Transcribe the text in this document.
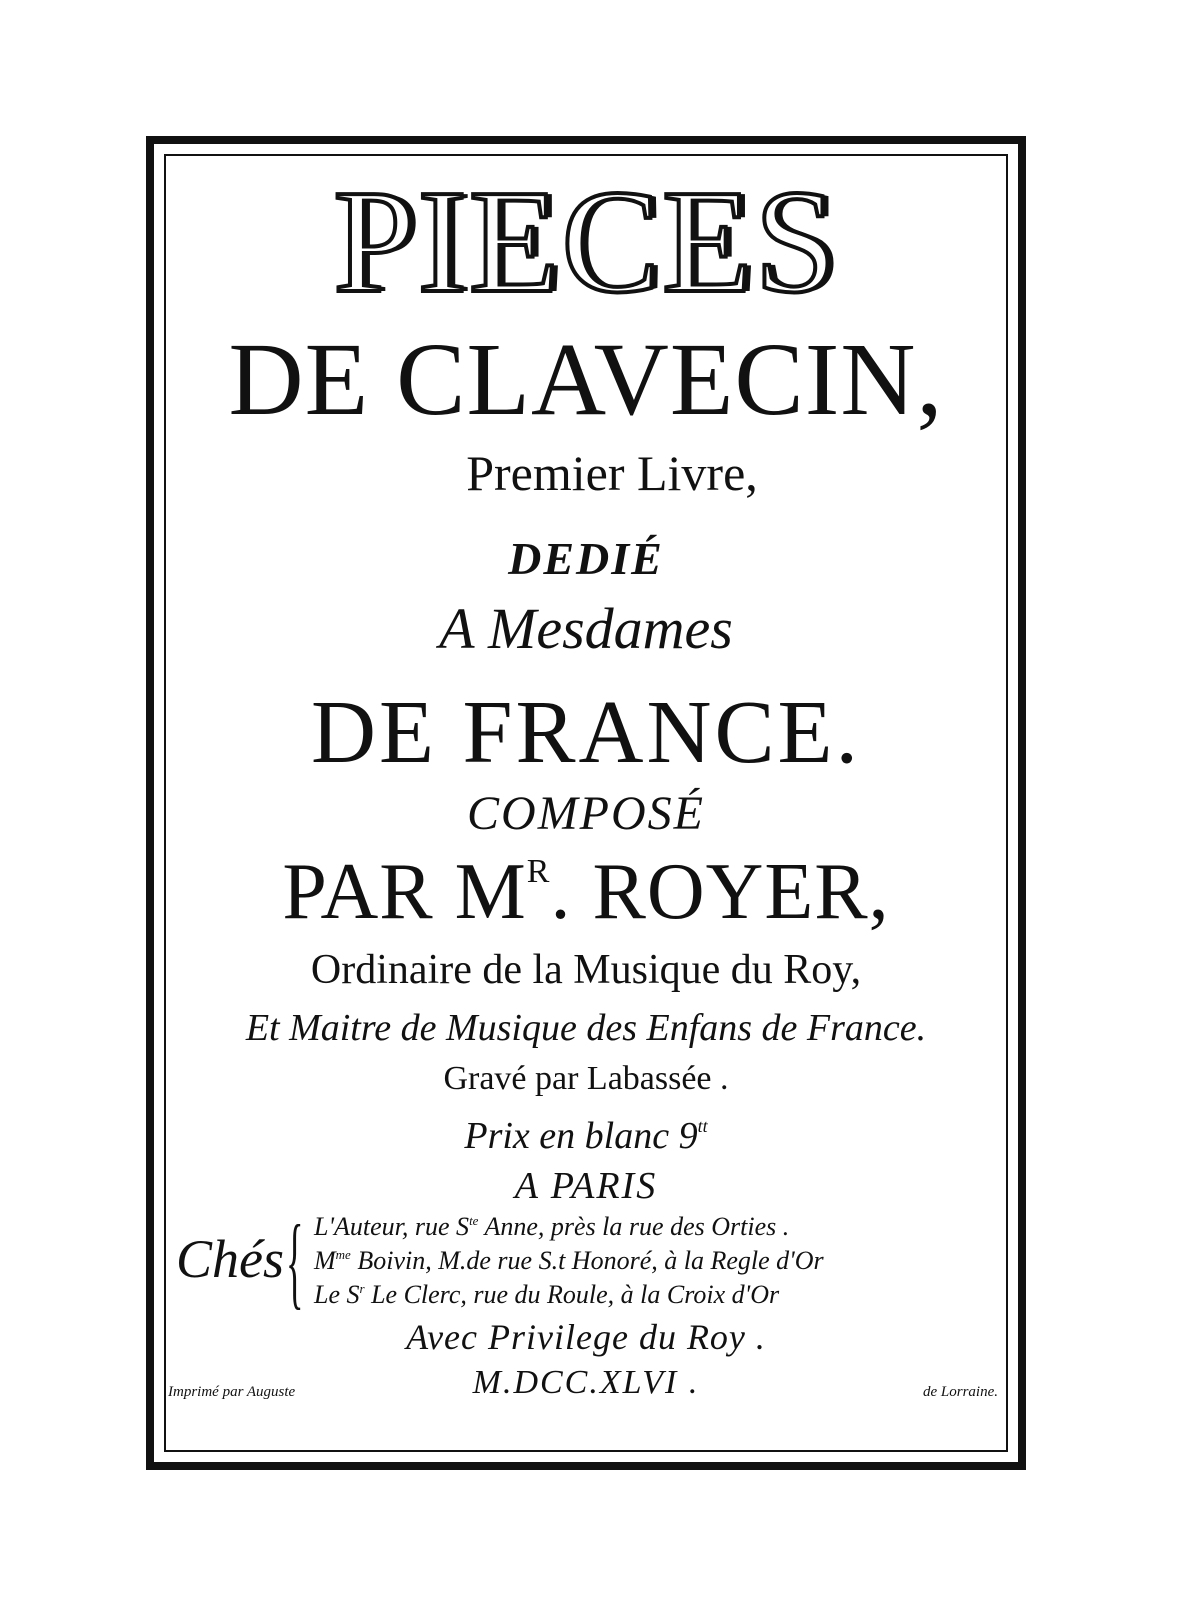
PIECES
DE CLAVECIN,
Premier Livre,
DEDIÉ
A Mesdames
DE FRANCE.
COMPOSÉ
PAR $M^R$. ROYER,
Ordinaire de la Musique du Roy,
Et Maitre de Musique des Enfans de France.
Gravé par Labassée .
Prix en blanc $9^{tt}$
A PARIS
Chés { L'Auteur, rue $S^{te}$ Anne, près la rue des Orties .
$M^{me}$ Boivin, M.de rue S.t Honoré, à la Regle d'Or
Le $S^r$ Le Clerc, rue du Roule, à la Croix d'Or
Avec Privilege du Roy .
M.DCC.XLVI .
Imprimé par Auguste	de Lorraine.
